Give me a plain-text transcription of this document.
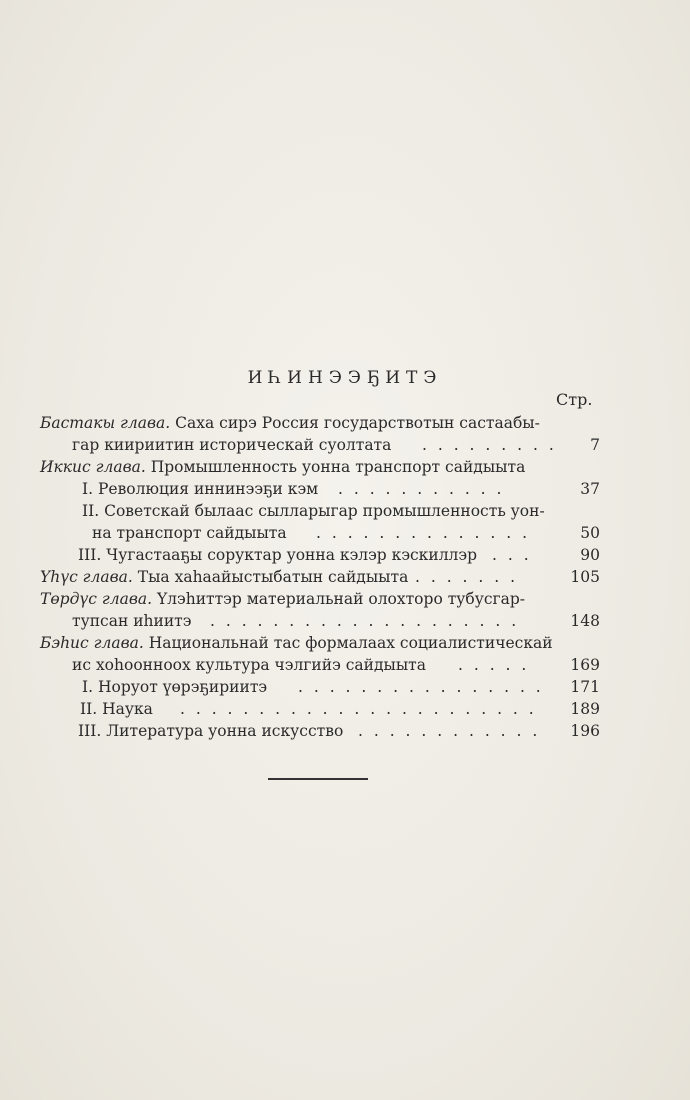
ИҺИНЭЭҔИТЭ
Стр.
Бастакы глава. Саха сирэ Россия государствотын састаабы-
гар киириитин историческай суолтата . . . . . . . . . 7
Иккис глава. Промышленность уонна транспорт сайдыыта
I. Революция иннинээҕи кэм . . . . . . . . . . .	37
II. Советскай былаас сылларыгар промышленность уон-
на транспорт сайдыыта . . . . . . . . . . . . . .	50
III. Чугастааҕы соруктар уонна кэлэр кэскиллэр . . .	90
Үһүс глава. Тыа хаһаайыстыбатын сайдыыта . . . . . . .	105
Төрдүс глава. Үлэһиттэр материальнай олохторо тубусгар-
тупсан иһиитэ . . . . . . . . . . . . . . . . . . . .	148
Бэһис глава. Национальнай тас формалаах социалистическай
ис хоһоонноох культура чэлгийэ сайдыыта . . . . .	169
I. Норуот үөрэҕириитэ . . . . . . . . . . . . . . . .	171
II. Наука . . . . . . . . . . . . . . . . . . . . . . .	189
III. Литература уонна искусство . . . . . . . . . . . .	196
